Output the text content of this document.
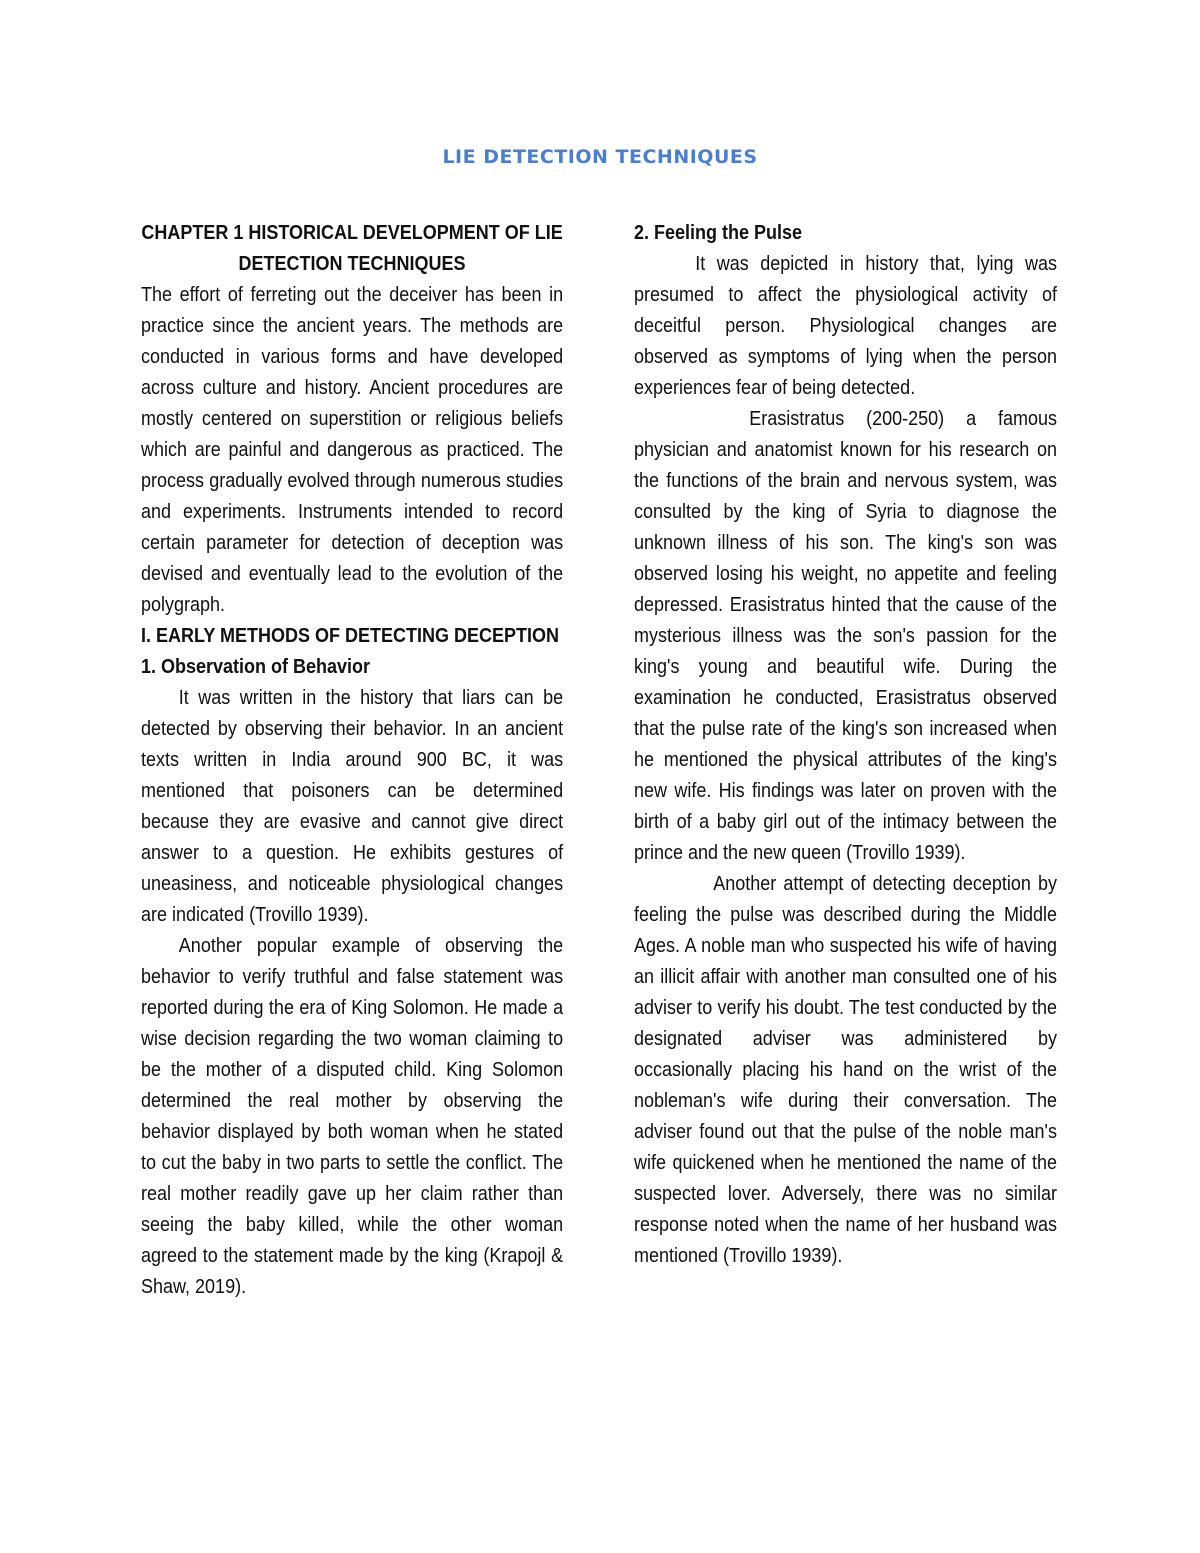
LIE DETECTION TECHNIQUES
CHAPTER 1 HISTORICAL DEVELOPMENT OF LIE DETECTION TECHNIQUES

The effort of ferreting out the deceiver has been in practice since the ancient years. The methods are conducted in various forms and have developed across culture and history. Ancient procedures are mostly centered on superstition or religious beliefs which are painful and dangerous as practiced. The process gradually evolved through numerous studies and experiments. Instruments intended to record certain parameter for detection of deception was devised and eventually lead to the evolution of the polygraph.

I. EARLY METHODS OF DETECTING DECEPTION
1. Observation of Behavior

It was written in the history that liars can be detected by observing their behavior. In an ancient texts written in India around 900 BC, it was mentioned that poisoners can be determined because they are evasive and cannot give direct answer to a question. He exhibits gestures of uneasiness, and noticeable physiological changes are indicated (Trovillo 1939).

Another popular example of observing the behavior to verify truthful and false statement was reported during the era of King Solomon. He made a wise decision regarding the two woman claiming to be the mother of a disputed child. King Solomon determined the real mother by observing the behavior displayed by both woman when he stated to cut the baby in two parts to settle the conflict. The real mother readily gave up her claim rather than seeing the baby killed, while the other woman agreed to the statement made by the king (Krapojl & Shaw, 2019).

2. Feeling the Pulse

It was depicted in history that, lying was presumed to affect the physiological activity of deceitful person. Physiological changes are observed as symptoms of lying when the person experiences fear of being detected.

Erasistratus (200-250) a famous physician and anatomist known for his research on the functions of the brain and nervous system, was consulted by the king of Syria to diagnose the unknown illness of his son. The king's son was observed losing his weight, no appetite and feeling depressed. Erasistratus hinted that the cause of the mysterious illness was the son's passion for the king's young and beautiful wife. During the examination he conducted, Erasistratus observed that the pulse rate of the king's son increased when he mentioned the physical attributes of the king's new wife. His findings was later on proven with the birth of a baby girl out of the intimacy between the prince and the new queen (Trovillo 1939).

Another attempt of detecting deception by feeling the pulse was described during the Middle Ages. A noble man who suspected his wife of having an illicit affair with another man consulted one of his adviser to verify his doubt. The test conducted by the designated adviser was administered by occasionally placing his hand on the wrist of the nobleman's wife during their conversation. The adviser found out that the pulse of the noble man's wife quickened when he mentioned the name of the suspected lover. Adversely, there was no similar response noted when the name of her husband was mentioned (Trovillo 1939).
